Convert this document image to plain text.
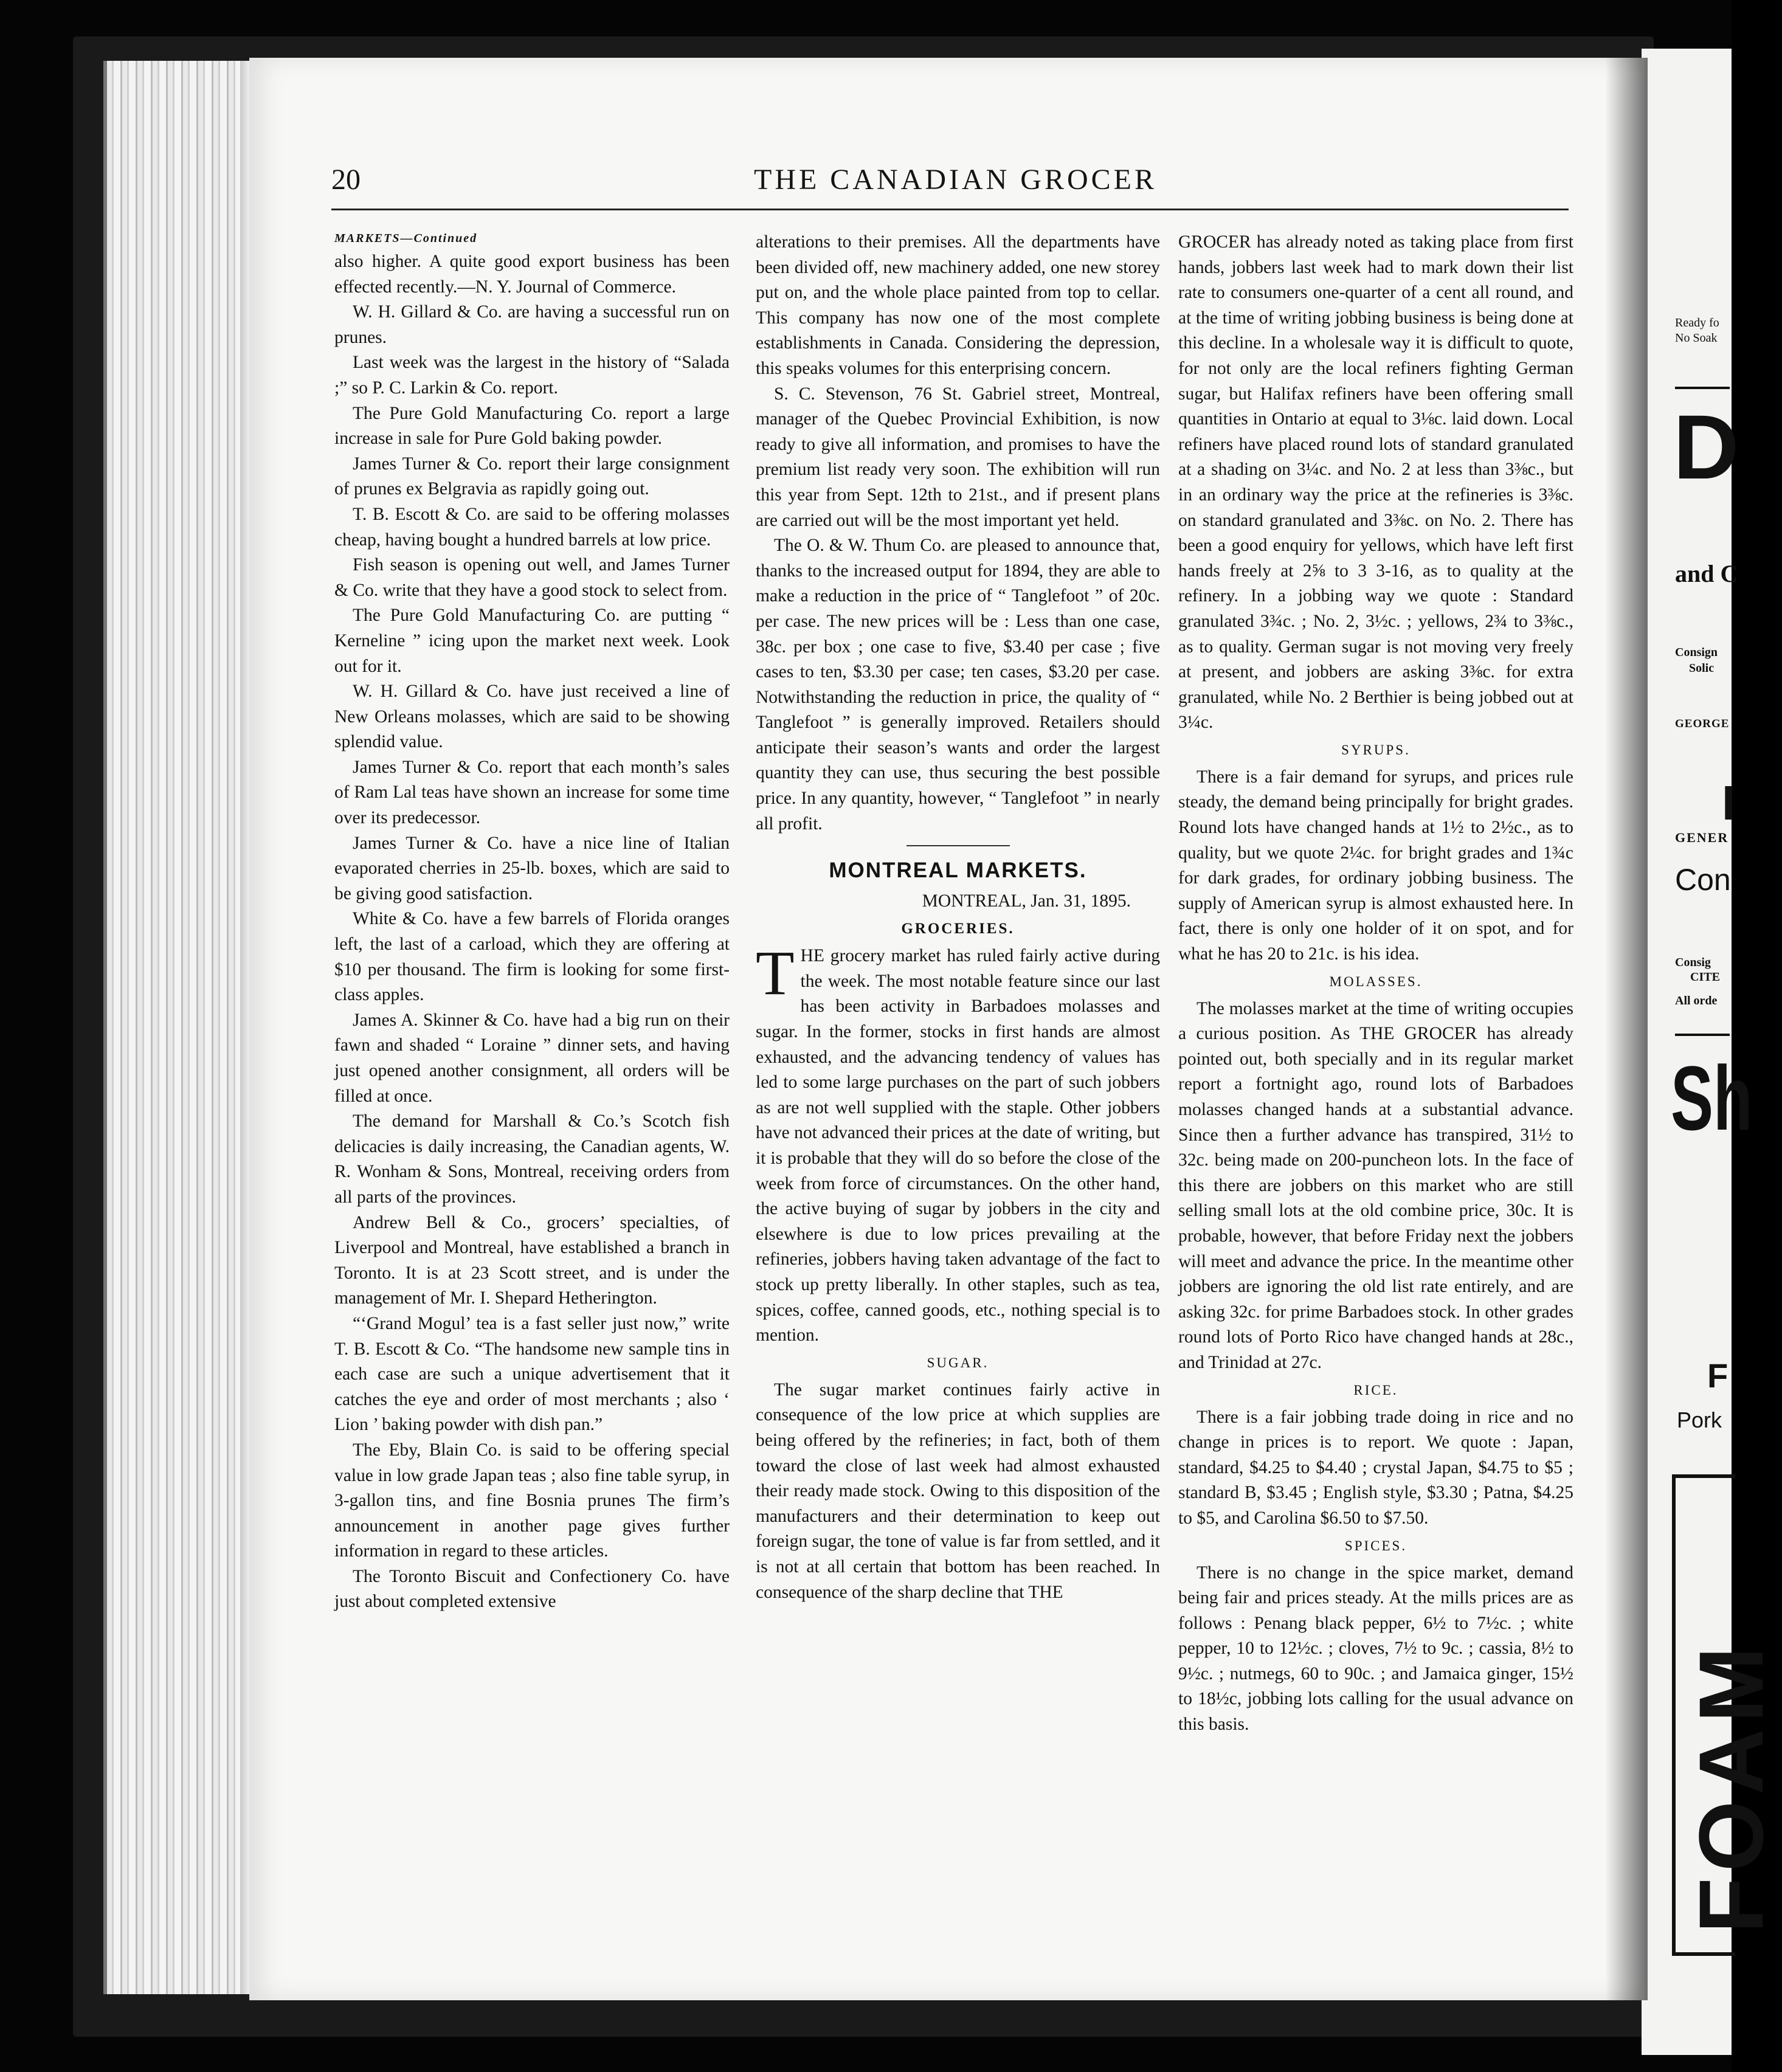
20	THE CANADIAN GROCER
MARKETS—Continued

also higher. A quite good export business has been effected recently.—N. Y. Journal of Commerce.

W. H. Gillard & Co. are having a successful run on prunes.

Last week was the largest in the history of “Salada ;” so P. C. Larkin & Co. report.

The Pure Gold Manufacturing Co. report a large increase in sale for Pure Gold baking powder.

James Turner & Co. report their large consignment of prunes ex Belgravia as rapidly going out.

T. B. Escott & Co. are said to be offering molasses cheap, having bought a hundred barrels at low price.

Fish season is opening out well, and James Turner & Co. write that they have a good stock to select from.

The Pure Gold Manufacturing Co. are putting “ Kerneline ” icing upon the market next week. Look out for it.

W. H. Gillard & Co. have just received a line of New Orleans molasses, which are said to be showing splendid value.

James Turner & Co. report that each month’s sales of Ram Lal teas have shown an increase for some time over its predecessor.

James Turner & Co. have a nice line of Italian evaporated cherries in 25-lb. boxes, which are said to be giving good satisfaction.

White & Co. have a few barrels of Florida oranges left, the last of a carload, which they are offering at $10 per thousand. The firm is looking for some first-class apples.

James A. Skinner & Co. have had a big run on their fawn and shaded “ Loraine ” dinner sets, and having just opened another consignment, all orders will be filled at once.

The demand for Marshall & Co.’s Scotch fish delicacies is daily increasing, the Canadian agents, W. R. Wonham & Sons, Montreal, receiving orders from all parts of the provinces.

Andrew Bell & Co., grocers’ specialties, of Liverpool and Montreal, have established a branch in Toronto. It is at 23 Scott street, and is under the management of Mr. I. Shepard Hetherington.

“‘Grand Mogul’ tea is a fast seller just now,” write T. B. Escott & Co. “The handsome new sample tins in each case are such a unique advertisement that it catches the eye and order of most merchants ; also ‘ Lion ’ baking powder with dish pan.”

The Eby, Blain Co. is said to be offering special value in low grade Japan teas ; also fine table syrup, in 3-gallon tins, and fine Bosnia prunes The firm’s announcement in another page gives further information in regard to these articles.

The Toronto Biscuit and Confectionery Co. have just about completed extensive

alterations to their premises. All the departments have been divided off, new machinery added, one new storey put on, and the whole place painted from top to cellar. This company has now one of the most complete establishments in Canada. Considering the depression, this speaks volumes for this enterprising concern.

S. C. Stevenson, 76 St. Gabriel street, Montreal, manager of the Quebec Provincial Exhibition, is now ready to give all information, and promises to have the premium list ready very soon. The exhibition will run this year from Sept. 12th to 21st., and if present plans are carried out will be the most important yet held.

The O. & W. Thum Co. are pleased to announce that, thanks to the increased output for 1894, they are able to make a reduction in the price of “ Tanglefoot ” of 20c. per case. The new prices will be : Less than one case, 38c. per box ; one case to five, $3.40 per case ; five cases to ten, $3.30 per case; ten cases, $3.20 per case. Notwithstanding the reduction in price, the quality of “ Tanglefoot ” is generally improved. Retailers should anticipate their season’s wants and order the largest quantity they can use, thus securing the best possible price. In any quantity, however, “ Tanglefoot ” in nearly all profit.

MONTREAL MARKETS.
MONTREAL, Jan. 31, 1895.
GROCERIES.

THE grocery market has ruled fairly active during the week. The most notable feature since our last has been activity in Barbadoes molasses and sugar. In the former, stocks in first hands are almost exhausted, and the advancing tendency of values has led to some large purchases on the part of such jobbers as are not well supplied with the staple. Other jobbers have not advanced their prices at the date of writing, but it is probable that they will do so before the close of the week from force of circumstances. On the other hand, the active buying of sugar by jobbers in the city and elsewhere is due to low prices prevailing at the refineries, jobbers having taken advantage of the fact to stock up pretty liberally. In other staples, such as tea, spices, coffee, canned goods, etc., nothing special is to mention.

SUGAR.

The sugar market continues fairly active in consequence of the low price at which supplies are being offered by the refineries; in fact, both of them toward the close of last week had almost exhausted their ready made stock. Owing to this disposition of the manufacturers and their determination to keep out foreign sugar, the tone of value is far from settled, and it is not at all certain that bottom has been reached. In consequence of the sharp decline that THE

GROCER has already noted as taking place from first hands, jobbers last week had to mark down their list rate to consumers one-quarter of a cent all round, and at the time of writing jobbing business is being done at this decline. In a wholesale way it is difficult to quote, for not only are the local refiners fighting German sugar, but Halifax refiners have been offering small quantities in Ontario at equal to 3⅛c. laid down. Local refiners have placed round lots of standard granulated at a shading on 3¼c. and No. 2 at less than 3⅜c., but in an ordinary way the price at the refineries is 3⅜c. on standard granulated and 3⅜c. on No. 2. There has been a good enquiry for yellows, which have left first hands freely at 2⅝ to 3 3-16, as to quality at the refinery. In a jobbing way we quote : Standard granulated 3¾c. ; No. 2, 3½c. ; yellows, 2¾ to 3⅜c., as to quality. German sugar is not moving very freely at present, and jobbers are asking 3⅜c. for extra granulated, while No. 2 Berthier is being jobbed out at 3¼c.

SYRUPS.

There is a fair demand for syrups, and prices rule steady, the demand being principally for bright grades. Round lots have changed hands at 1½ to 2½c., as to quality, but we quote 2¼c. for bright grades and 1¾c for dark grades, for ordinary jobbing business. The supply of American syrup is almost exhausted here. In fact, there is only one holder of it on spot, and for what he has 20 to 21c. is his idea.

MOLASSES.

The molasses market at the time of writing occupies a curious position. As THE GROCER has already pointed out, both specially and in its regular market report a fortnight ago, round lots of Barbadoes molasses changed hands at a substantial advance. Since then a further advance has transpired, 31½ to 32c. being made on 200-puncheon lots. In the face of this there are jobbers on this market who are still selling small lots at the old combine price, 30c. It is probable, however, that before Friday next the jobbers will meet and advance the price. In the meantime other jobbers are ignoring the old list rate entirely, and are asking 32c. for prime Barbadoes stock. In other grades round lots of Porto Rico have changed hands at 28c., and Trinidad at 27c.

RICE.

There is a fair jobbing trade doing in rice and no change in prices is to report. We quote : Japan, standard, $4.25 to $4.40 ; crystal Japan, $4.75 to $5 ; standard B, $3.45 ; English style, $3.30 ; Patna, $4.25 to $5, and Carolina $6.50 to $7.50.

SPICES.

There is no change in the spice market, demand being fair and prices steady. At the mills prices are as follows : Penang black pepper, 6½ to 7½c. ; white pepper, 10 to 12½c. ; cloves, 7½ to 9c. ; cassia, 8½ to 9½c. ; nutmegs, 60 to 90c. ; and Jamaica ginger, 15½ to 18½c, jobbing lots calling for the usual advance on this basis.

Ready fo
No Soak
D
and C
Consign
Solic
GEORGE
I
GENER
Con
Consig
CITE
All orde
Sh
F
Pork
FOAM
